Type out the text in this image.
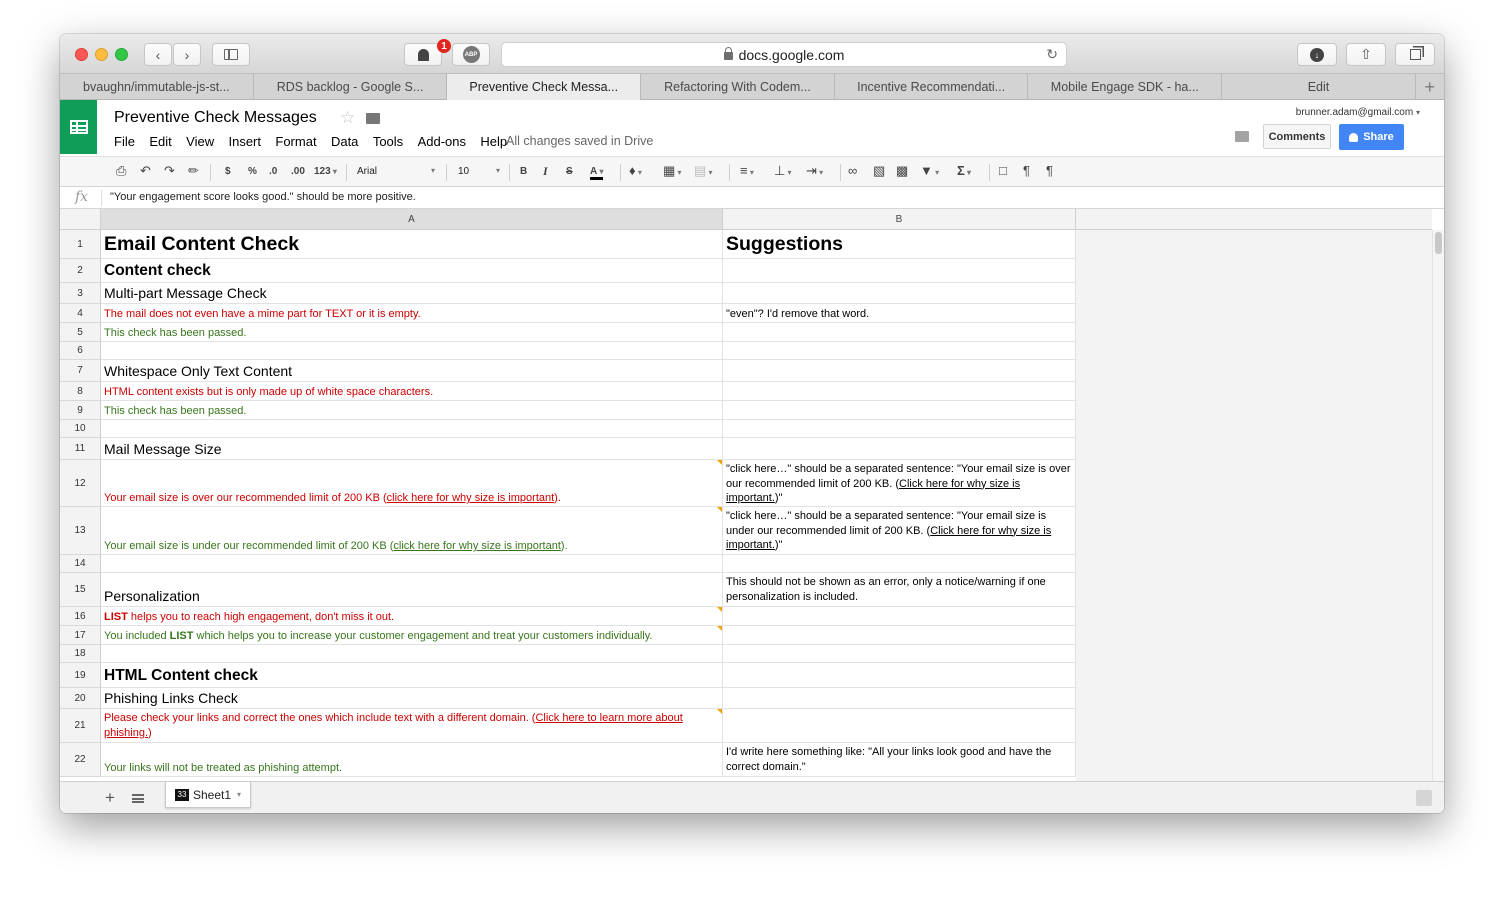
‹ ›
1
ABP	docs.google.com	↻	↓	⇧
bvaughn/immutable-js-st...	RDS backlog - Google S...	Preventive Check Messa...	Refactoring With Codem...	Incentive Recommendati...	Mobile Engage SDK - ha...	Edit	+
Preventive Check Messages ☆
File Edit View Insert Format Data Tools Add-ons Help
All changes saved in Drive
brunner.adam@gmail.com ▾
Comments	Share
⎙ ↶ ↷ ✏	$ % .0 .00 123 ▾	Arial	▾ 10	▾ B I S A ▾	♦ ▾	▦ ▾	▤ ▾	≡ ▾	⊥ ▾	⇥ ▾	∞ ▧ ▩ ▼ ▾	Σ ▾	□ ¶ ¶
fx "Your engagement score looks good." should be more positive.
A	B
1
2
3
4
5
6
7
8
9
10
11
12
13
14
15
16
17
18
19
20
21
22
Email Content Check	Suggestions
Content check
Multi-part Message Check
The mail does not even have a mime part for TEXT or it is empty.	"even"? I'd remove that word.
This check has been passed.
Whitespace Only Text Content
HTML content exists but is only made up of white space characters.
This check has been passed.
Mail Message Size
Your email size is over our recommended limit of 200 KB (click here for why size is important).
"click here…" should be a separated sentence: "Your email size is over our recommended limit of 200 KB. (Click here for why size is important.)"
Your email size is under our recommended limit of 200 KB (click here for why size is important).
"click here…" should be a separated sentence: "Your email size is under our recommended limit of 200 KB. (Click here for why size is important.)"
Personalization
This should not be shown as an error, only a notice/warning if one personalization is included.
LIST helps you to reach high engagement, don't miss it out.
You included LIST which helps you to increase your customer engagement and treat your customers individually.
HTML Content check
Phishing Links Check
Please check your links and correct the ones which include text with a different domain. (Click here to learn more about phishing.)
Your links will not be treated as phishing attempt.
I'd write here something like: "All your links look good and have the correct domain."
+	33 Sheet1 ▾
